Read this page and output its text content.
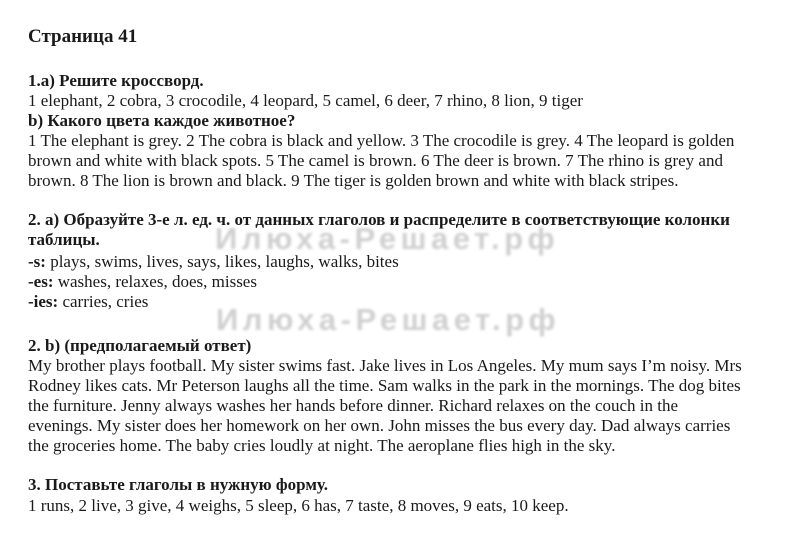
Илюха-Решает.рф
Илюха-Решает.рф
Страница 41
1.а) Решите кроссворд.
1 elephant, 2 cobra, 3 crocodile, 4 leopard, 5 camel, 6 deer, 7 rhino, 8 lion, 9 tiger
b) Какого цвета каждое животное?
1 The elephant is grey. 2 The cobra is black and yellow. 3 The crocodile is grey. 4 The leopard is golden
brown and white with black spots. 5 The camel is brown. 6 The deer is brown. 7 The rhino is grey and
brown. 8 The lion is brown and black. 9 The tiger is golden brown and white with black stripes.
2. а) Образуйте 3-е л. ед. ч. от данных глаголов и распределите в соответствующие колонки
таблицы.
-s: plays, swims, lives, says, likes, laughs, walks, bites
-es: washes, relaxes, does, misses
-ies: carries, cries
2. b) (предполагаемый ответ)
My brother plays football. My sister swims fast. Jake lives in Los Angeles. My mum says I’m noisy. Mrs
Rodney likes cats. Mr Peterson laughs all the time. Sam walks in the park in the mornings. The dog bites
the furniture. Jenny always washes her hands before dinner. Richard relaxes on the couch in the
evenings. My sister does her homework on her own. John misses the bus every day. Dad always carries
the groceries home. The baby cries loudly at night. The aeroplane flies high in the sky.
3. Поставьте глаголы в нужную форму.
1 runs, 2 live, 3 give, 4 weighs, 5 sleep, 6 has, 7 taste, 8 moves, 9 eats, 10 keep.
